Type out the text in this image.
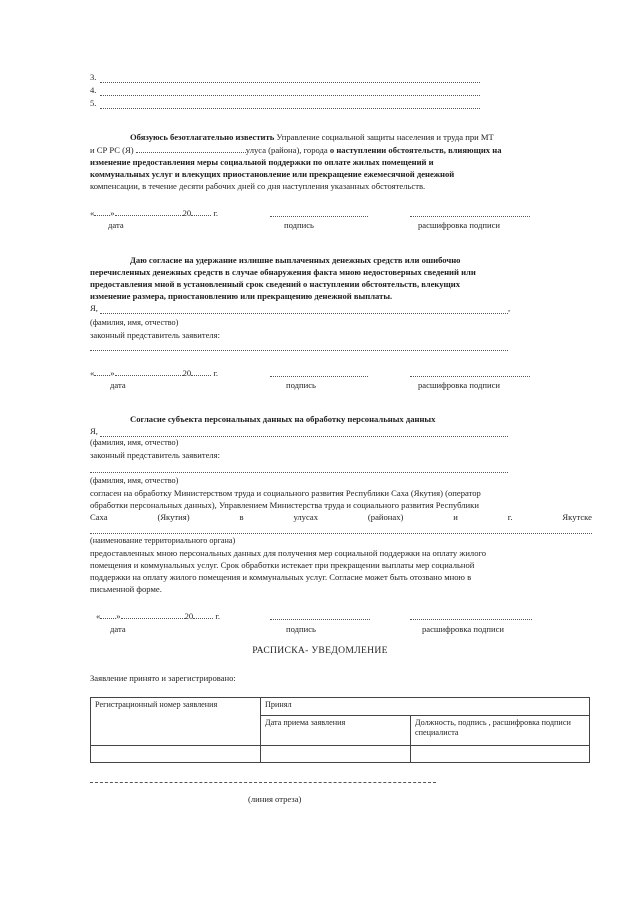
3.
4.
5.
Обязуюсь безотлагательно известить Управление социальной защиты населения и труда при МТ
и СР РС (Я)	улуса (района), города о наступлении обстоятельств, влияющих на
изменение предоставления меры социальной поддержки по оплате жилых помещений и
коммунальных услуг и влекущих приостановление или прекращение ежемесячной денежной
компенсации, в течение десяти рабочих дней со дня наступления указанных обстоятельств.
« »	20	г.
дата	подпись	расшифровка подписи
Даю согласие на удержание излишне выплаченных денежных средств или ошибочно
перечисленных денежных средств в случае обнаружения факта мною недостоверных сведений или
предоставления мной в установленный срок сведений о наступлении обстоятельств, влекущих
изменение размера, приостановлению или прекращению денежной выплаты.
Я,	,
(фамилия, имя, отчество)
законный представитель заявителя:
« »	20	г.
дата	подпись	расшифровка подписи
Согласие субъекта персональных данных на обработку персональных данных
Я,
(фамилия, имя, отчество)
законный представитель заявителя:
(фамилия, имя, отчество)
согласен на обработку Министерством труда и социального развития Республики Саха (Якутия) (оператор
обработки персональных данных), Управлением Министерства труда и социального развития Республики
Саха	(Якутия)	в	улусах	(районах)	и	г.	Якутске
(наименование территориального органа)
предоставленных мною персональных данных для получения мер социальной поддержки на оплату жилого
помещения и коммунальных услуг. Срок обработки истекает при прекращении выплаты мер социальной
поддержки на оплату жилого помещения и коммунальных услуг. Согласие может быть отозвано мною в
письменной форме.
« »	20	г.
дата	подпись	расшифровка подписи
РАСПИСКА- УВЕДОМЛЕНИЕ
Заявление принято и зарегистрировано:
Регистрационный номер заявления	Принял	
	Дата приема заявления	Должность, подпись , расшифровка подписи специалиста

(линия отреза)
